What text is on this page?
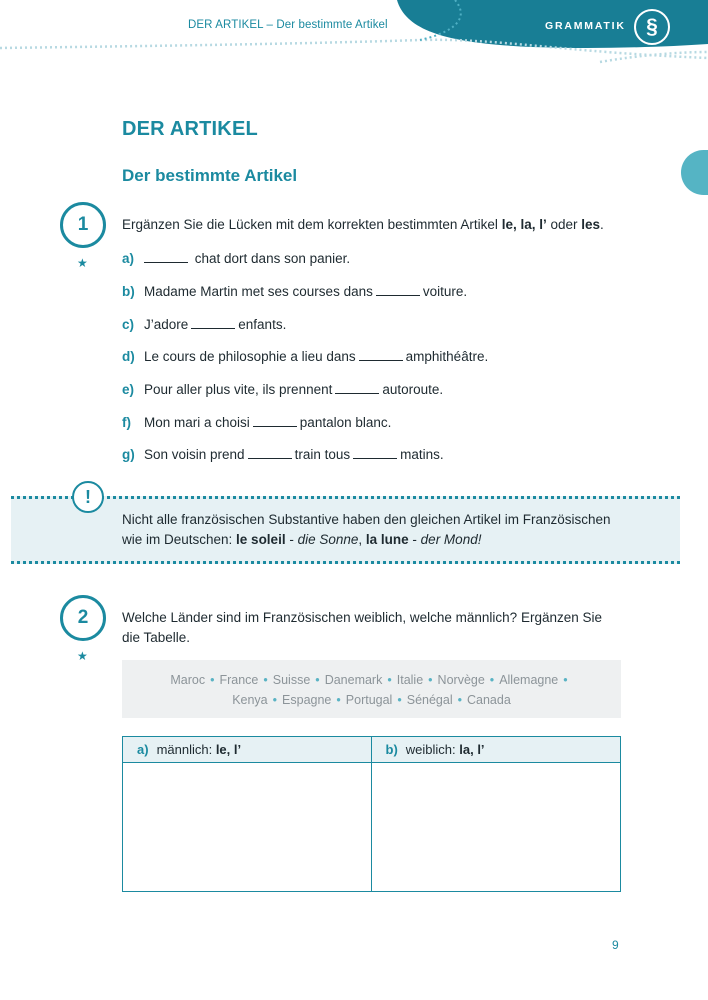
DER ARTIKEL – Der bestimmte Artikel	GRAMMATIK §
DER ARTIKEL
Der bestimmte Artikel
1
★

Ergänzen Sie die Lücken mit dem korrekten bestimmten Artikel le, la, l’ oder les.

a)	chat dort dans son panier.
b) Madame Martin met ses courses dans	voiture.
c) J’adore	enfants.
d) Le cours de philosophie a lieu dans	amphithéâtre.
e) Pour aller plus vite, ils prennent	autoroute.
f) Mon mari a choisi	pantalon blanc.
g) Son voisin prend	train tous	matins.
!

Nicht alle französischen Substantive haben den gleichen Artikel im Französischen
wie im Deutschen: le soleil - die Sonne, la lune - der Mond!

2
★

Welche Länder sind im Französischen weiblich, welche männlich? Ergänzen Sie
die Tabelle.

Maroc • France • Suisse • Danemark • Italie • Norvège • Allemagne •
Kenya • Espagne • Portugal • Sénégal • Canada
a) männlich: le, l’	b) weiblich: la, l’
9
